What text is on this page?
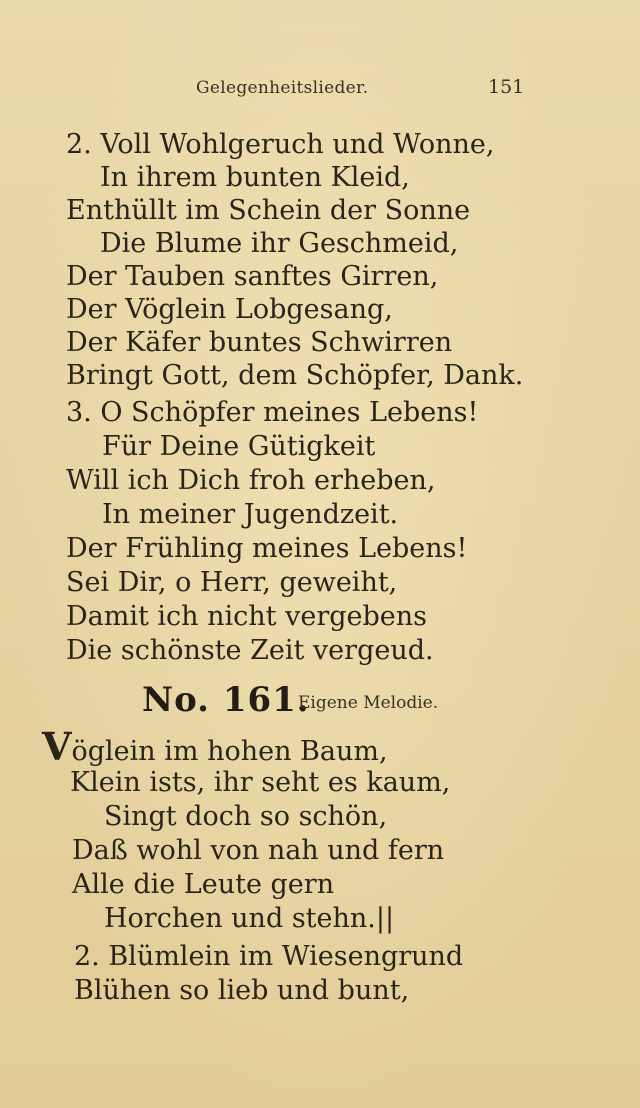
Gelegenheitslieder.	151
2. Voll Wohlgeruch und Wonne,
In ihrem bunten Kleid,
Enthüllt im Schein der Sonne
Die Blume ihr Geschmeid,
Der Tauben sanftes Girren,
Der Vöglein Lobgesang,
Der Käfer buntes Schwirren
Bringt Gott, dem Schöpfer, Dank.
3. O Schöpfer meines Lebens!
Für Deine Gütigkeit
Will ich Dich froh erheben,
In meiner Jugendzeit.
Der Frühling meines Lebens!
Sei Dir, o Herr, geweiht,
Damit ich nicht vergebens
Die schönste Zeit vergeud.
No. 161.
Eigene Melodie.
Vöglein im hohen Baum,
Klein ists, ihr seht es kaum,
Singt doch so schön,
Daß wohl von nah und fern
Alle die Leute gern
Horchen und stehn.||
2. Blümlein im Wiesengrund
Blühen so lieb und bunt,
